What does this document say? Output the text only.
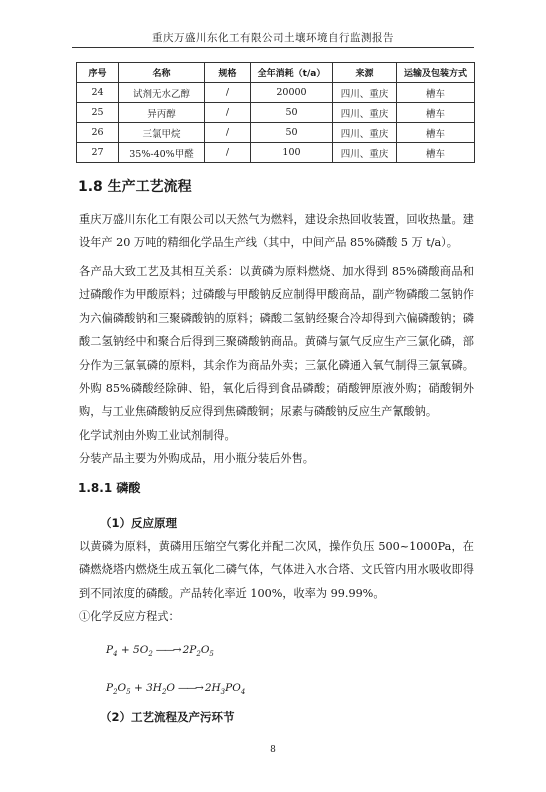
重庆万盛川东化工有限公司土壤环境自行监测报告
序号	名称	规格	全年消耗（t/a）	来源	运输及包装方式
24	试剂无水乙醇	/	20000	四川、重庆	槽车
25	异丙醇	/	50	四川、重庆	槽车
26	三氯甲烷	/	50	四川、重庆	槽车
27	35%-40%甲醛	/	100	四川、重庆	槽车
1.8 生产工艺流程

重庆万盛川东化工有限公司以天然气为燃料，建设余热回收装置，回收热量。建设年产 20 万吨的精细化学品生产线（其中，中间产品 85%磷酸 5 万 t/a）。

各产品大致工艺及其相互关系：以黄磷为原料燃烧、加水得到 85%磷酸商品和过磷酸作为甲酸原料；过磷酸与甲酸钠反应制得甲酸商品，副产物磷酸二氢钠作为六偏磷酸钠和三聚磷酸钠的原料；磷酸二氢钠经聚合冷却得到六偏磷酸钠；磷酸二氢钠经中和聚合后得到三聚磷酸钠商品。黄磷与氯气反应生产三氯化磷，部分作为三氯氧磷的原料，其余作为商品外卖；三氯化磷通入氧气制得三氯氧磷。外购 85%磷酸经除砷、铅，氧化后得到食品磷酸；硝酸钾原液外购；硝酸铜外购，与工业焦磷酸钠反应得到焦磷酸铜；尿素与磷酸钠反应生产氰酸钠。

化学试剂由外购工业试剂制得。

分装产品主要为外购成品，用小瓶分装后外售。

1.8.1 磷酸
（1）反应原理

以黄磷为原料，黄磷用压缩空气雾化并配二次风，操作负压 500~1000Pa，在磷燃烧塔内燃烧生成五氧化二磷气体，气体进入水合塔、文氏管内用水吸收即得到不同浓度的磷酸。产品转化率近 100%，收率为 99.99%。

①化学反应方程式：

$P_4 + 5O_2$ ——→ $2P_2O_5$
$P_2O_5 + 3H_2O$ ——→ $2H_3PO_4$
（2）工艺流程及产污环节
8
